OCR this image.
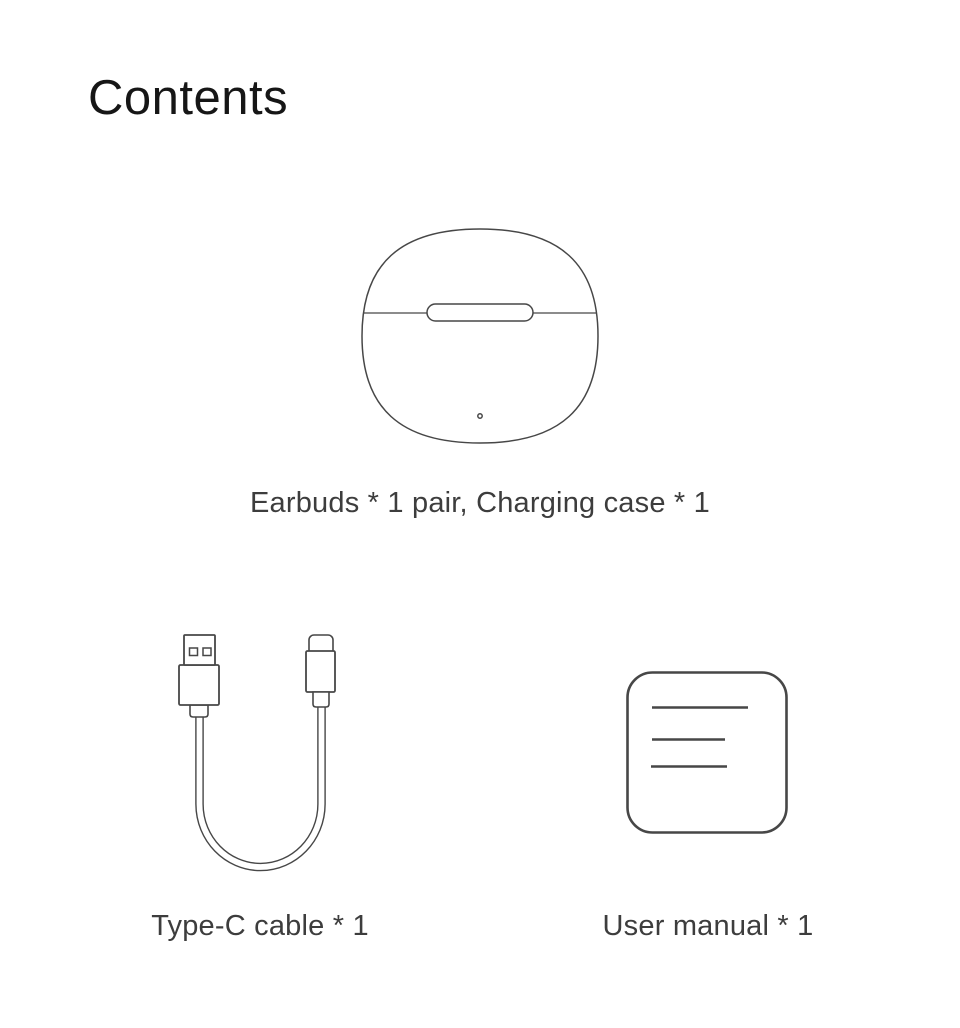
Contents
Earbuds * 1 pair, Charging case * 1
Type-C cable * 1	User manual * 1
